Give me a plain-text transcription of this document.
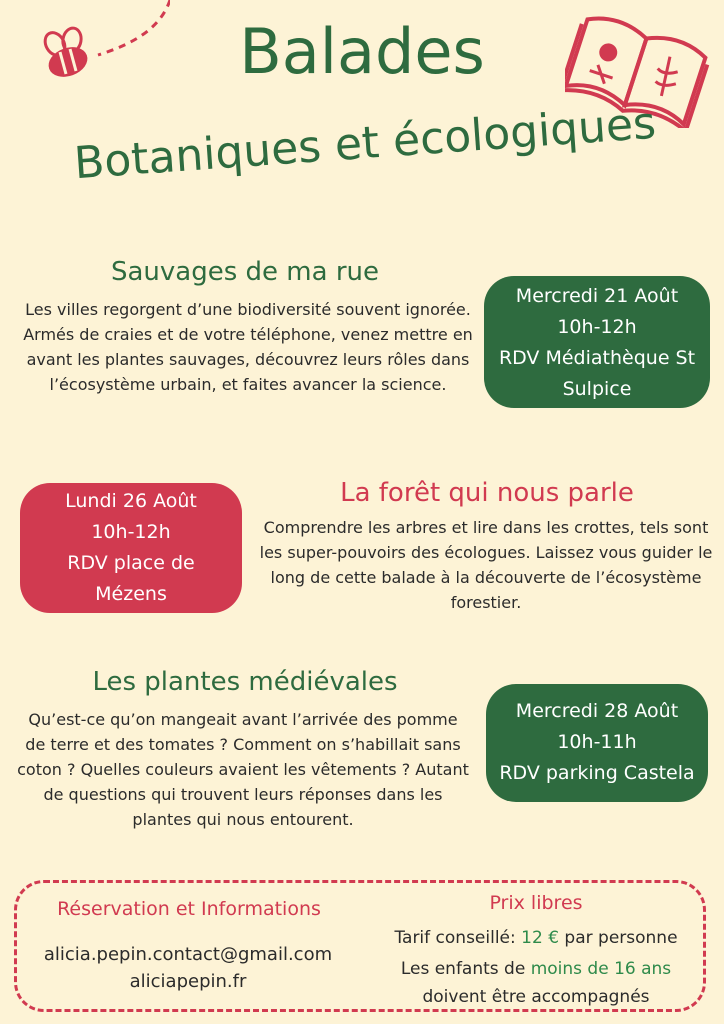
Balades
Botaniques et écologiques
Sauvages de ma rue
Les villes regorgent d’une biodiversité souvent ignorée. Armés de craies et de votre téléphone, venez mettre en avant les plantes sauvages, découvrez leurs rôles dans l’écosystème urbain, et faites avancer la science.
Mercredi 21 Août
10h-12h
RDV Médiathèque St Sulpice
Lundi 26 Août
10h-12h
RDV place de Mézens
La forêt qui nous parle
Comprendre les arbres et lire dans les crottes, tels sont les super-pouvoirs des écologues. Laissez vous guider le long de cette balade à la découverte de l’écosystème forestier.
Les plantes médiévales
Qu’est-ce qu’on mangeait avant l’arrivée des pomme de terre et des tomates ? Comment on s’habillait sans coton ? Quelles couleurs avaient les vêtements ? Autant de questions qui trouvent leurs réponses dans les plantes qui nous entourent.
Mercredi 28 Août
10h-11h
RDV parking Castela
Réservation et Informations
alicia.pepin.contact@gmail.com
aliciapepin.fr
Prix libres
Tarif conseillé: 12 € par personne
Les enfants de moins de 16 ans
doivent être accompagnés
